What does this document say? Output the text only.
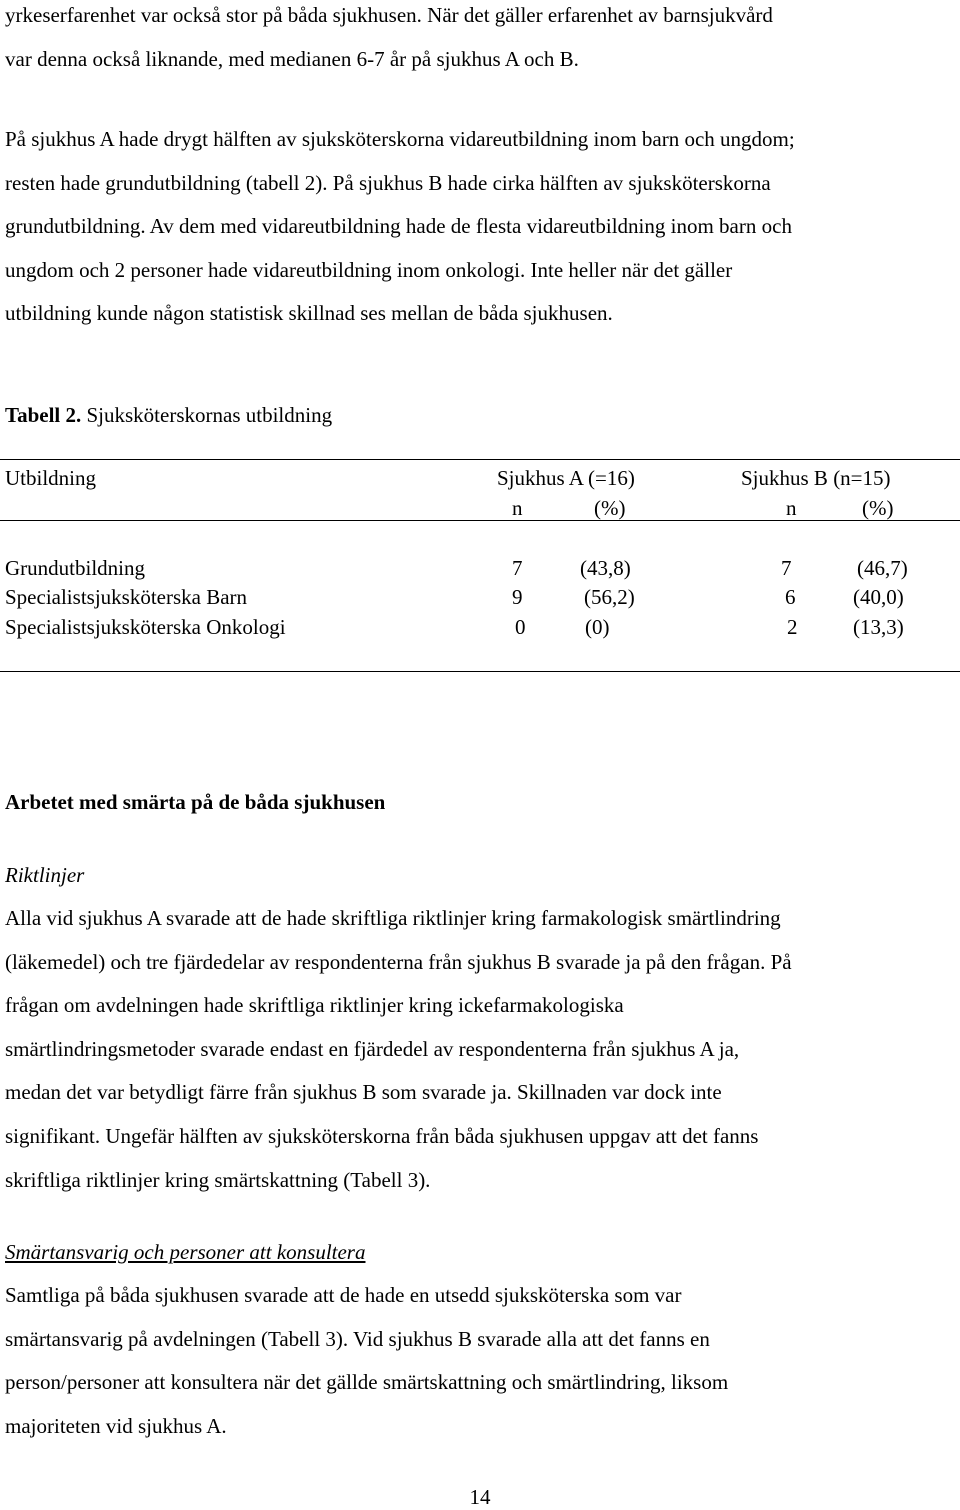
yrkeserfarenhet var också stor på båda sjukhusen. När det gäller erfarenhet av barnsjukvård
var denna också liknande, med medianen 6-7 år på sjukhus A och B.

På sjukhus A hade drygt hälften av sjuksköterskorna vidareutbildning inom barn och ungdom;
resten hade grundutbildning (tabell 2). På sjukhus B hade cirka hälften av sjuksköterskorna
grundutbildning. Av dem med vidareutbildning hade de flesta vidareutbildning inom barn och
ungdom och 2 personer hade vidareutbildning inom onkologi. Inte heller när det gäller
utbildning kunde någon statistisk skillnad ses mellan de båda sjukhusen.

Tabell 2. Sjuksköterskornas utbildning
Utbildning	Sjukhus A (=16)	Sjukhus B (n=15)
n	(%)	n	(%)
Grundutbildning	7	(43,8)	7	(46,7)
Specialistsjuksköterska Barn	9	(56,2)	6	(40,0)
Specialistsjuksköterska Onkologi	0	(0)	2	(13,3)
Arbetet med smärta på de båda sjukhusen
Riktlinjer

Alla vid sjukhus A svarade att de hade skriftliga riktlinjer kring farmakologisk smärtlindring
(läkemedel) och tre fjärdedelar av respondenterna från sjukhus B svarade ja på den frågan. På
frågan om avdelningen hade skriftliga riktlinjer kring ickefarmakologiska
smärtlindringsmetoder svarade endast en fjärdedel av respondenterna från sjukhus A ja,
medan det var betydligt färre från sjukhus B som svarade ja. Skillnaden var dock inte
signifikant. Ungefär hälften av sjuksköterskorna från båda sjukhusen uppgav att det fanns
skriftliga riktlinjer kring smärtskattning (Tabell 3).

Smärtansvarig och personer att konsultera

Samtliga på båda sjukhusen svarade att de hade en utsedd sjuksköterska som var
smärtansvarig på avdelningen (Tabell 3). Vid sjukhus B svarade alla att det fanns en
person/personer att konsultera när det gällde smärtskattning och smärtlindring, liksom
majoriteten vid sjukhus A.

14
